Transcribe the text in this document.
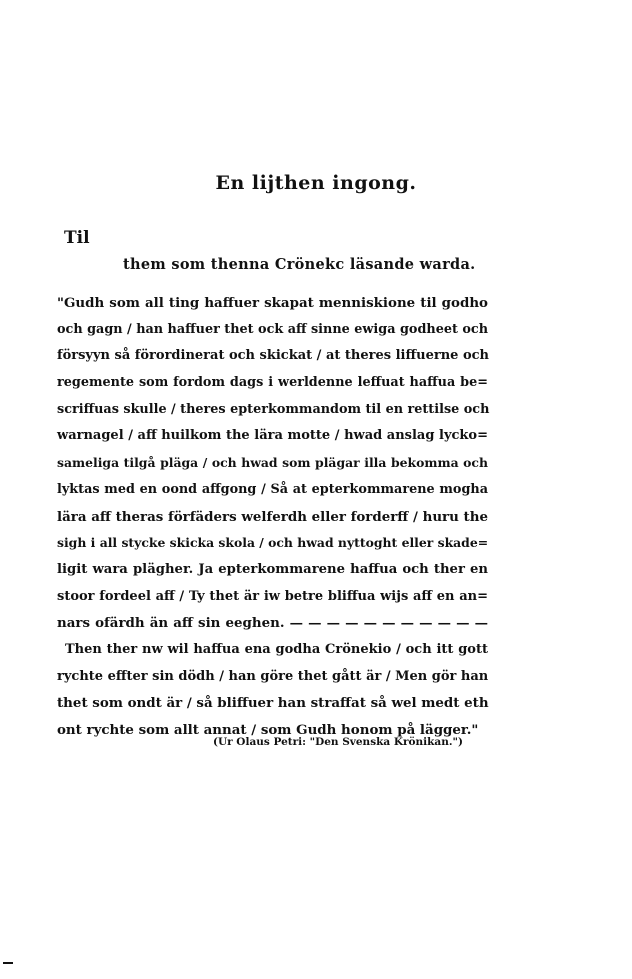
En lijthen ingong.
Til
them som thenna Crönekc läsande warda.
"Gudh som all ting haffuer skapat menniskione til godho
och gagn / han haffuer thet ock aff sinne ewiga godheet och
försyyn så förordinerat och skickat / at theres liffuerne och
regemente som fordom dags i werldenne leffuat haffua be=
scriffuas skulle / theres epterkommandom til en rettilse och
warnagel / aff huilkom the lära motte / hwad anslag lycko=
sameliga tilgå pläga / och hwad som plägar illa bekomma och
lyktas med en oond affgong / Så at epterkommarene mogha
lära aff theras förfäders welferdh eller forderff / huru the
sigh i all stycke skicka skola / och hwad nyttoght eller skade=
ligit wara plägher. Ja epterkommarene haffua och ther en
stoor fordeel aff / Ty thet är iw betre bliffua wijs aff en an=
nars ofärdh än aff sin eeghen. — — — — — — — — — — —
Then ther nw wil haffua ena godha Crönekio / och itt gott
rychte effter sin dödh / han göre thet gått är / Men gör han
thet som ondt är / så bliffuer han straffat så wel medt eth
ont rychte som allt annat / som Gudh honom på lägger."
(Ur Olaus Petri: "Den Svenska Krönikan.")
